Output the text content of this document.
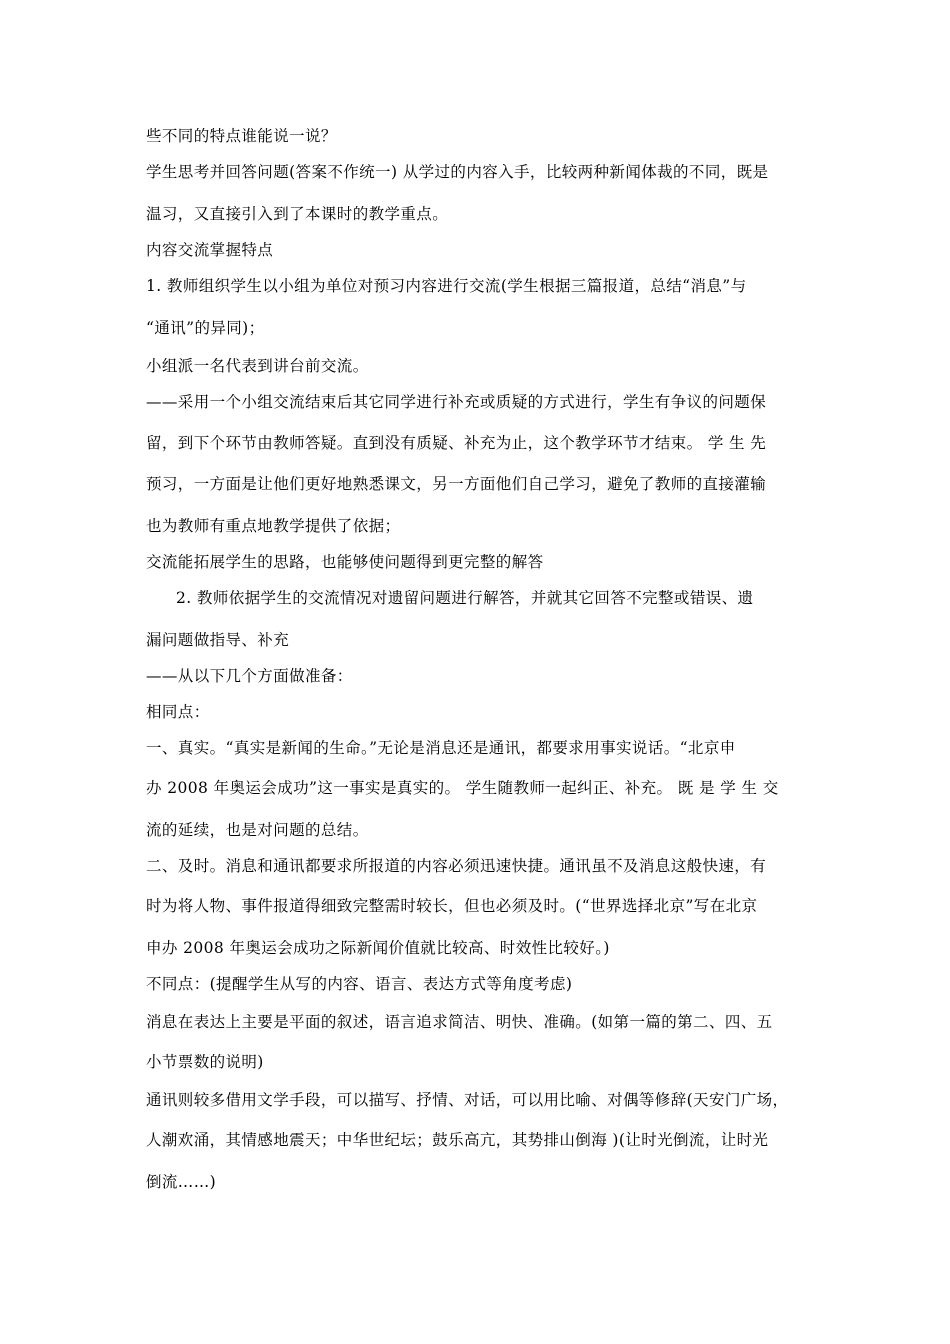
些不同的特点谁能说一说？
学生思考并回答问题(答案不作统一) 从学过的内容入手，比较两种新闻体裁的不同，既是
温习，又直接引入到了本课时的教学重点。
内容交流掌握特点
1. 教师组织学生以小组为单位对预习内容进行交流(学生根据三篇报道，总结“消息”与
“通讯”的异同)；
小组派一名代表到讲台前交流。
——采用一个小组交流结束后其它同学进行补充或质疑的方式进行，学生有争议的问题保
留，到下个环节由教师答疑。直到没有质疑、补充为止，这个教学环节才结束。 学 生 先
预习，一方面是让他们更好地熟悉课文，另一方面他们自己学习，避免了教师的直接灌输
也为教师有重点地教学提供了依据；
交流能拓展学生的思路，也能够使问题得到更完整的解答
2. 教师依据学生的交流情况对遗留问题进行解答，并就其它回答不完整或错误、遗
漏问题做指导、补充
——从以下几个方面做准备：
相同点：
一、真实。“真实是新闻的生命。”无论是消息还是通讯，都要求用事实说话。“北京申
办 2008 年奥运会成功”这一事实是真实的。 学生随教师一起纠正、补充。 既 是 学 生 交
流的延续，也是对问题的总结。
二、及时。消息和通讯都要求所报道的内容必须迅速快捷。通讯虽不及消息这般快速，有
时为将人物、事件报道得细致完整需时较长，但也必须及时。(“世界选择北京”写在北京
申办 2008 年奥运会成功之际新闻价值就比较高、时效性比较好。)
不同点：(提醒学生从写的内容、语言、表达方式等角度考虑)
消息在表达上主要是平面的叙述，语言追求简洁、明快、准确。(如第一篇的第二、四、五
小节票数的说明)
通讯则较多借用文学手段，可以描写、抒情、对话，可以用比喻、对偶等修辞(天安门广场，
人潮欢涌，其情感地震天；中华世纪坛；鼓乐高亢，其势排山倒海 )(让时光倒流，让时光
倒流……)
